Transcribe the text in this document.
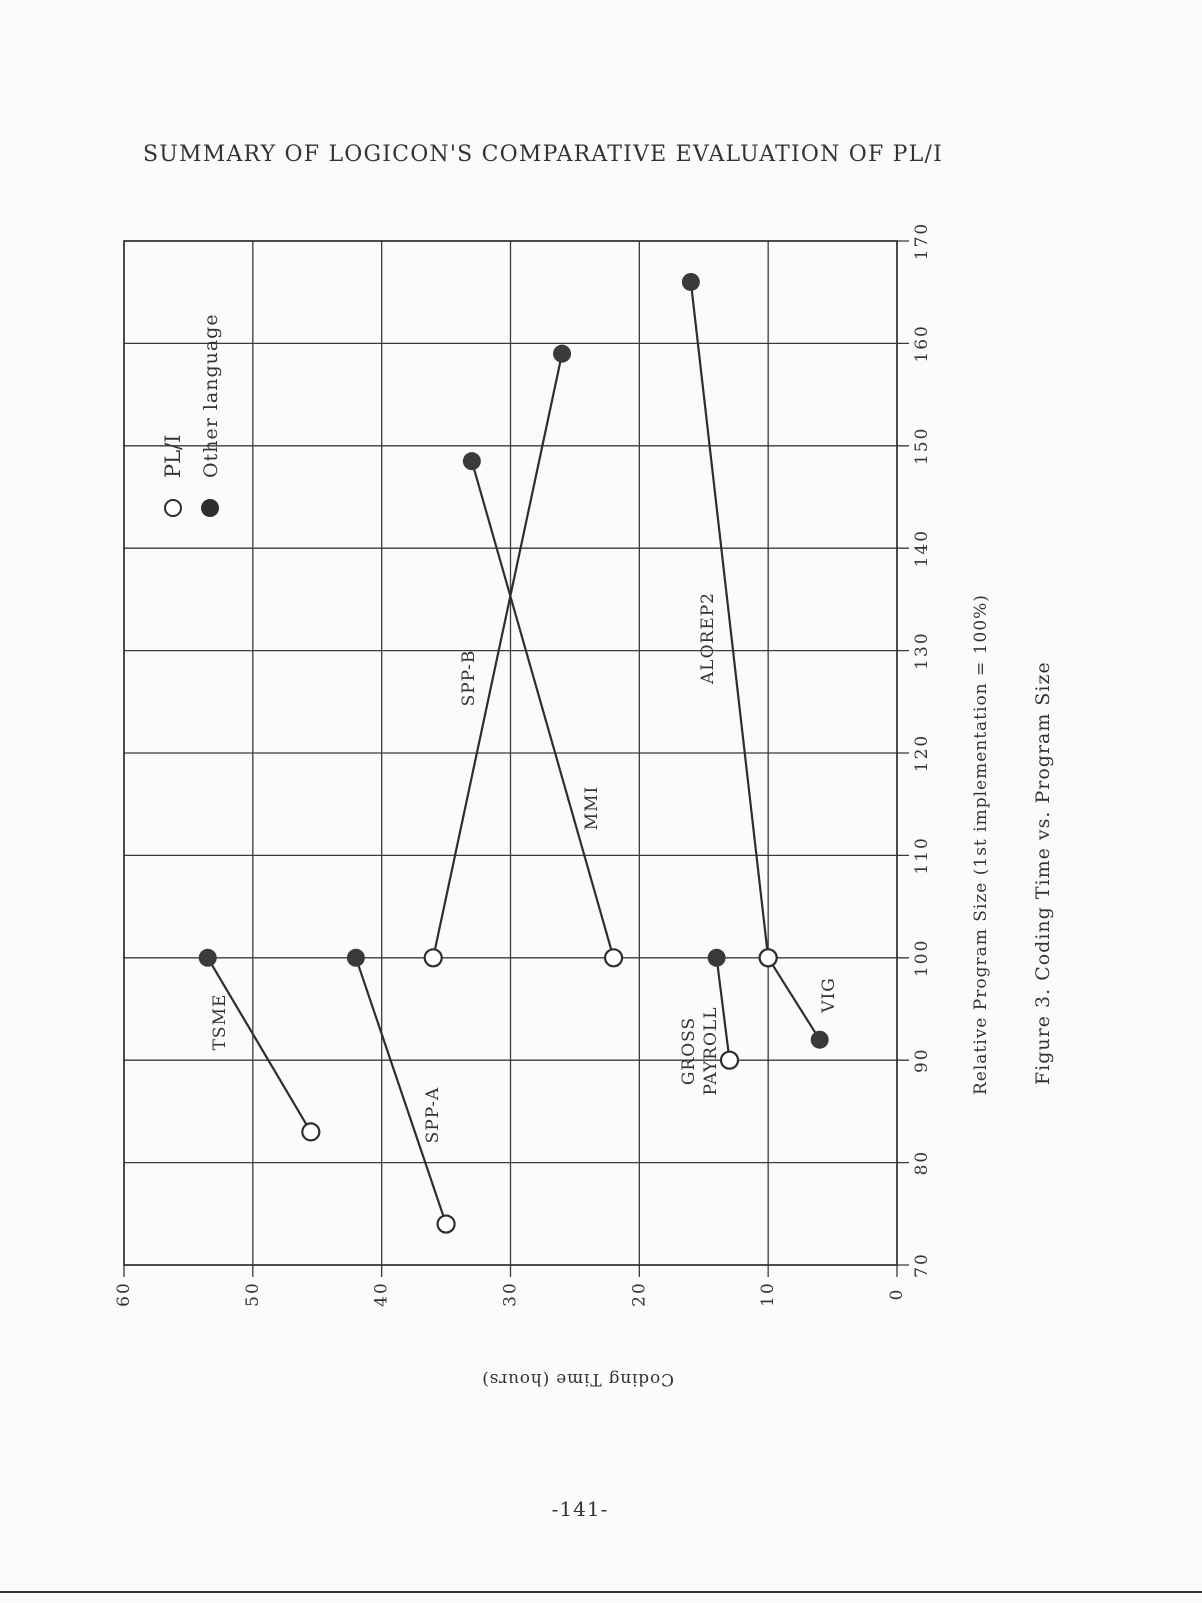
SUMMARY OF LOGICON'S COMPARATIVE EVALUATION OF PL/I
70
80
90
100
110
120
130
140
150
160
170
0
10
20
30
40
50
60
TSME
SPP-A
SPP-B
MMI
ALOREP2
GROSS PAYROLL
VIG
PL/I Other language
Relative Program Size (1st implementation = 100%)
Coding Time (hours)
Figure 3. Coding Time vs. Program Size
-141-
